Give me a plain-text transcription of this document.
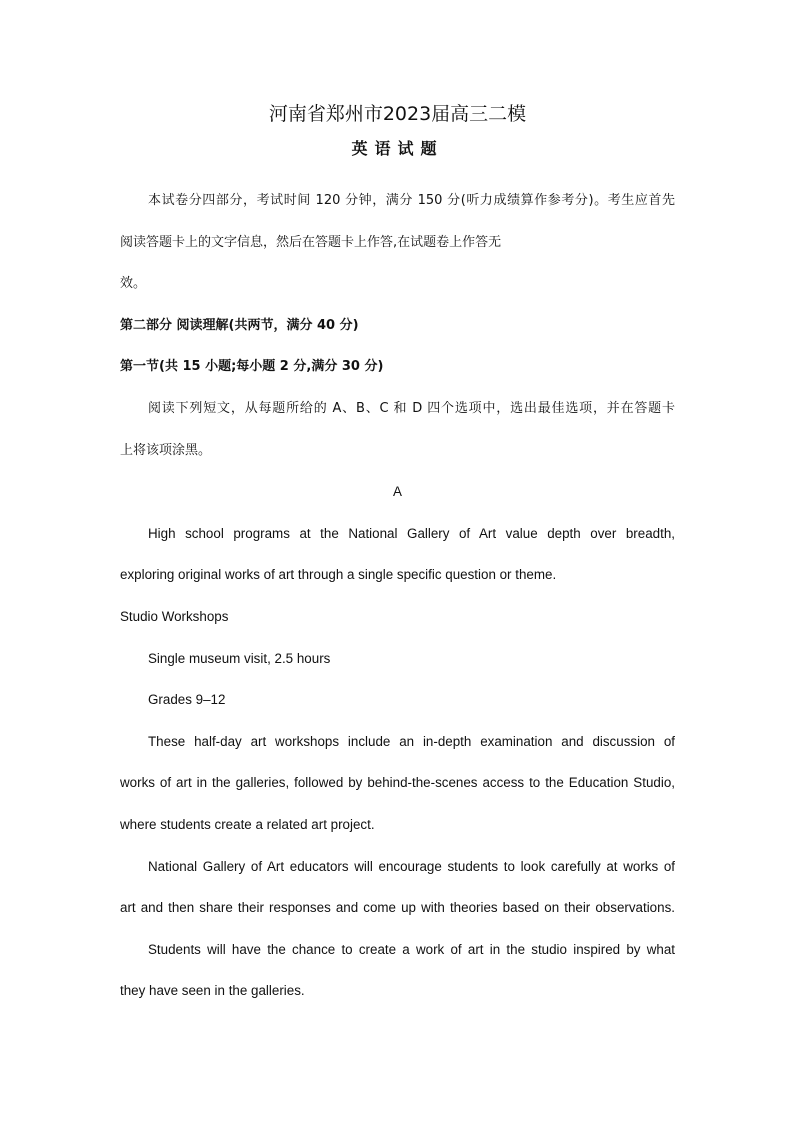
河南省郑州市2023届高三二模
英语试题
本试卷分四部分，考试时间 120 分钟，满分 150 分(听力成绩算作参考分)。考生应首先
阅读答题卡上的文字信息，然后在答题卡上作答,在试题卷上作答无
效。
第二部分 阅读理解(共两节，满分 40 分)
第一节(共 15 小题;每小题 2 分,满分 30 分)
阅读下列短文，从每题所给的 A、B、C 和 D 四个选项中，选出最佳选项，并在答题卡
上将该项涂黑。
A
High school programs at the National Gallery of Art value depth over breadth,
exploring original works of art through a single specific question or theme.
Studio Workshops
Single museum visit, 2.5 hours
Grades 9–12
These half-day art workshops include an in-depth examination and discussion of
works of art in the galleries, followed by behind-the-scenes access to the Education Studio,
where students create a related art project.
National Gallery of Art educators will encourage students to look carefully at works of
art and then share their responses and come up with theories based on their observations.
Students will have the chance to create a work of art in the studio inspired by what
they have seen in the galleries.
